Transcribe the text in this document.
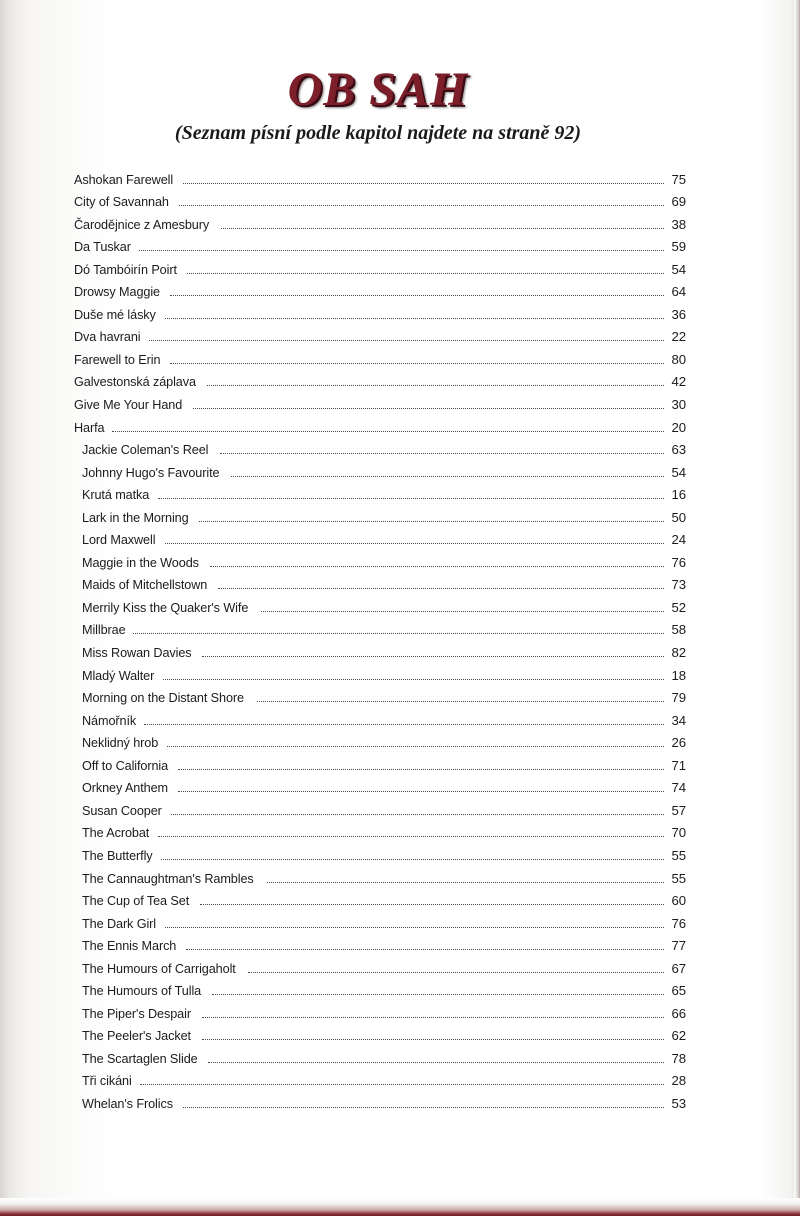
OB SAH
(Seznam písní podle kapitol najdete na straně 92)
Ashokan Farewell	75
City of Savannah	69
Čarodějnice z Amesbury	38
Da Tuskar	59
Dó Tambóirín Poirt	54
Drowsy Maggie	64
Duše mé lásky	36
Dva havrani	22
Farewell to Erin	80
Galvestonská záplava	42
Give Me Your Hand	30
Harfa	20
Jackie Coleman's Reel	63
Johnny Hugo's Favourite	54
Krutá matka	16
Lark in the Morning	50
Lord Maxwell	24
Maggie in the Woods	76
Maids of Mitchellstown	73
Merrily Kiss the Quaker's Wife	52
Millbrae	58
Miss Rowan Davies	82
Mladý Walter	18
Morning on the Distant Shore	79
Námořník	34
Neklidný hrob	26
Off to California	71
Orkney Anthem	74
Susan Cooper	57
The Acrobat	70
The Butterfly	55
The Cannaughtman's Rambles	55
The Cup of Tea Set	60
The Dark Girl	76
The Ennis March	77
The Humours of Carrigaholt	67
The Humours of Tulla	65
The Piper's Despair	66
The Peeler's Jacket	62
The Scartaglen Slide	78
Tři cikáni	28
Whelan's Frolics	53
